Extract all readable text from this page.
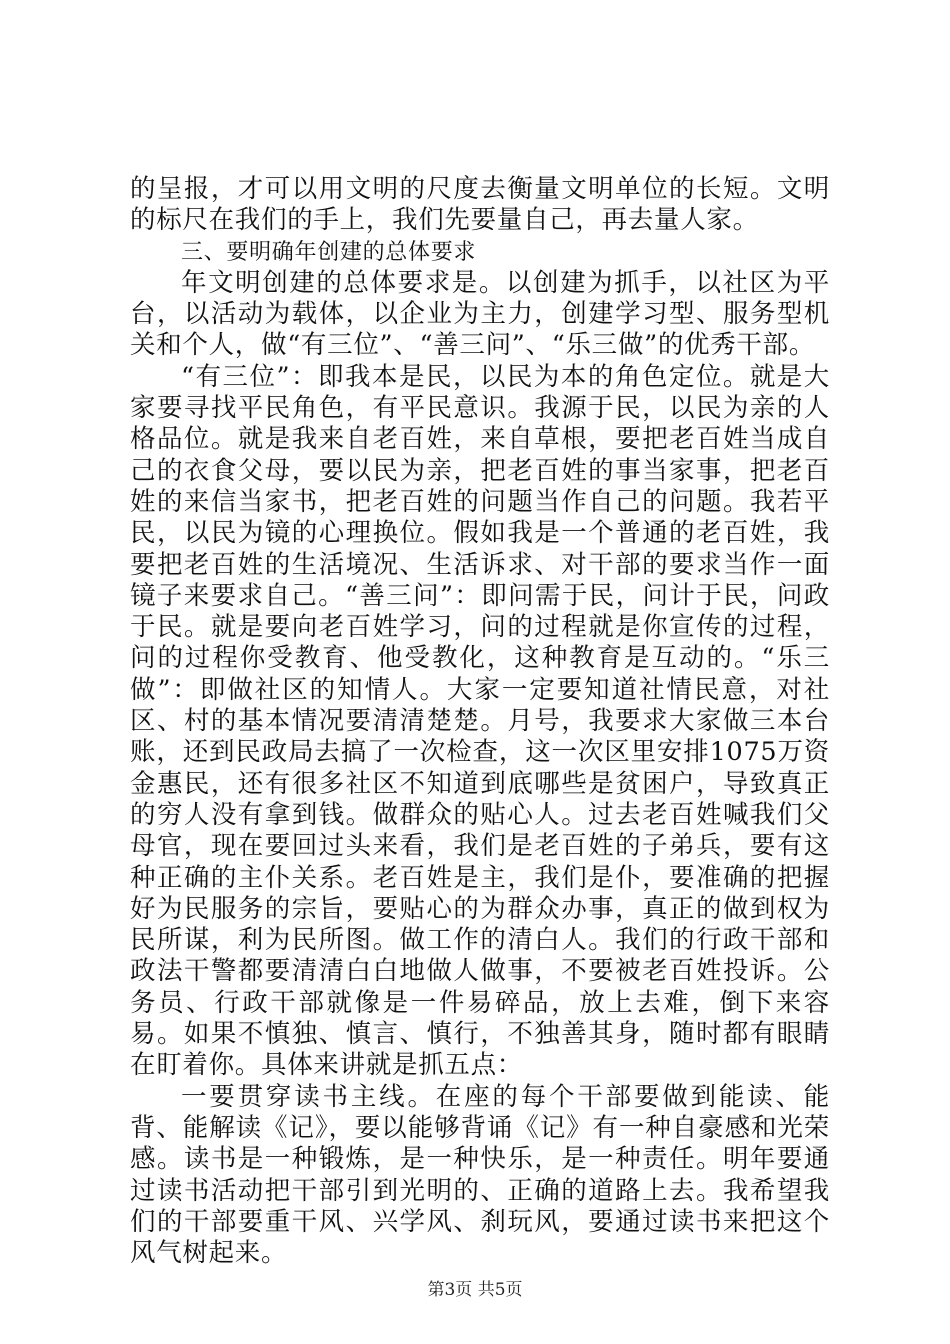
的呈报，才可以用文明的尺度去衡量文明单位的长短。文明的标尺在我们的手上，我们先要量自己，再去量人家。

三、要明确年创建的总体要求

年文明创建的总体要求是。以创建为抓手，以社区为平台，以活动为载体，以企业为主力，创建学习型、服务型机关和个人，做“有三位”、“善三问”、“乐三做”的优秀干部。

“有三位”：即我本是民，以民为本的角色定位。就是大家要寻找平民角色，有平民意识。我源于民，以民为亲的人格品位。就是我来自老百姓，来自草根，要把老百姓当成自己的衣食父母，要以民为亲，把老百姓的事当家事，把老百姓的来信当家书，把老百姓的问题当作自己的问题。我若平民，以民为镜的心理换位。假如我是一个普通的老百姓，我要把老百姓的生活境况、生活诉求、对干部的要求当作一面镜子来要求自己。“善三问”：即问需于民，问计于民，问政于民。就是要向老百姓学习，问的过程就是你宣传的过程，问的过程你受教育、他受教化，这种教育是互动的。“乐三做”：即做社区的知情人。大家一定要知道社情民意，对社区、村的基本情况要清清楚楚。月号，我要求大家做三本台账，还到民政局去搞了一次检查，这一次区里安排1075万资金惠民，还有很多社区不知道到底哪些是贫困户，导致真正的穷人没有拿到钱。做群众的贴心人。过去老百姓喊我们父母官，现在要回过头来看，我们是老百姓的子弟兵，要有这种正确的主仆关系。老百姓是主，我们是仆，要准确的把握好为民服务的宗旨，要贴心的为群众办事，真正的做到权为民所谋，利为民所图。做工作的清白人。我们的行政干部和政法干警都要清清白白地做人做事，不要被老百姓投诉。公务员、行政干部就像是一件易碎品，放上去难，倒下来容易。如果不慎独、慎言、慎行，不独善其身，随时都有眼睛在盯着你。具体来讲就是抓五点：

一要贯穿读书主线。在座的每个干部要做到能读、能背、能解读《记》，要以能够背诵《记》有一种自豪感和光荣感。读书是一种锻炼，是一种快乐，是一种责任。明年要通过读书活动把干部引到光明的、正确的道路上去。我希望我们的干部要重干风、兴学风、刹玩风，要通过读书来把这个风气树起来。

第3页 共5页
